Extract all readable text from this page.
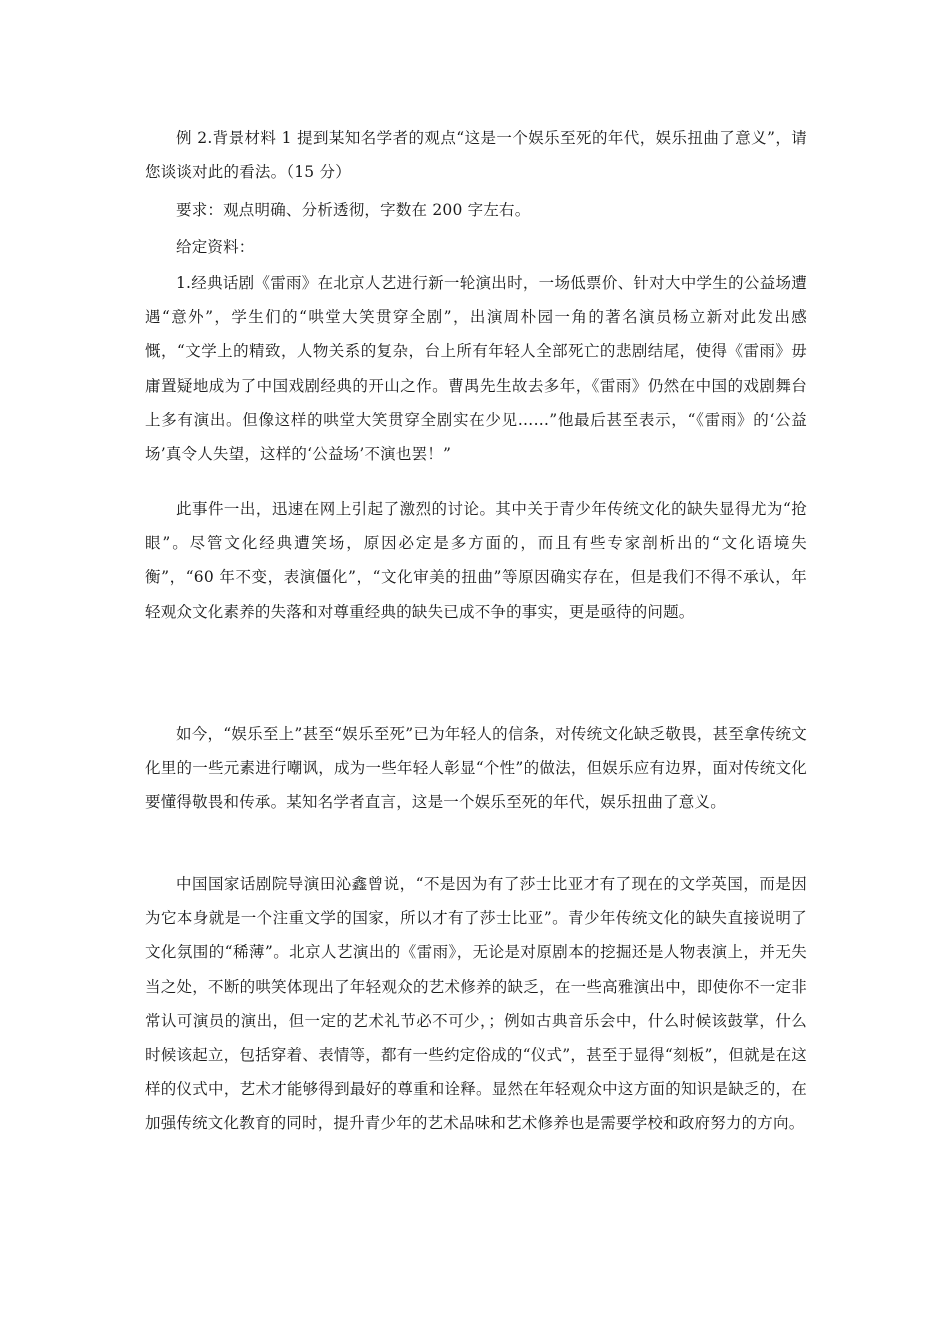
例 2.背景材料 1 提到某知名学者的观点“这是一个娱乐至死的年代，娱乐扭曲了意义”，请您谈谈对此的看法。（15 分）

要求：观点明确、分析透彻，字数在 200 字左右。

给定资料：

1.经典话剧《雷雨》在北京人艺进行新一轮演出时，一场低票价、针对大中学生的公益场遭遇“意外”，学生们的“哄堂大笑贯穿全剧”，出演周朴园一角的著名演员杨立新对此发出感慨，“文学上的精致，人物关系的复杂，台上所有年轻人全部死亡的悲剧结尾，使得《雷雨》毋庸置疑地成为了中国戏剧经典的开山之作。曹禺先生故去多年，《雷雨》仍然在中国的戏剧舞台上多有演出。但像这样的哄堂大笑贯穿全剧实在少见……”他最后甚至表示，“《雷雨》的‘公益场’真令人失望，这样的‘公益场’不演也罢！”

此事件一出，迅速在网上引起了激烈的讨论。其中关于青少年传统文化的缺失显得尤为“抢眼”。尽管文化经典遭笑场，原因必定是多方面的，而且有些专家剖析出的“文化语境失衡”，“60 年不变，表演僵化”，“文化审美的扭曲”等原因确实存在，但是我们不得不承认，年轻观众文化素养的失落和对尊重经典的缺失已成不争的事实，更是亟待的问题。

如今，“娱乐至上”甚至“娱乐至死”已为年轻人的信条，对传统文化缺乏敬畏，甚至拿传统文化里的一些元素进行嘲讽，成为一些年轻人彰显“个性”的做法，但娱乐应有边界，面对传统文化要懂得敬畏和传承。某知名学者直言，这是一个娱乐至死的年代，娱乐扭曲了意义。

中国国家话剧院导演田沁鑫曾说，“不是因为有了莎士比亚才有了现在的文学英国，而是因为它本身就是一个注重文学的国家，所以才有了莎士比亚”。青少年传统文化的缺失直接说明了文化氛围的“稀薄”。北京人艺演出的《雷雨》，无论是对原剧本的挖掘还是人物表演上，并无失当之处，不断的哄笑体现出了年轻观众的艺术修养的缺乏，在一些高雅演出中，即使你不一定非常认可演员的演出，但一定的艺术礼节必不可少，；例如古典音乐会中，什么时候该鼓掌，什么时候该起立，包括穿着、表情等，都有一些约定俗成的“仪式”，甚至于显得“刻板”，但就是在这样的仪式中，艺术才能够得到最好的尊重和诠释。显然在年轻观众中这方面的知识是缺乏的，在加强传统文化教育的同时，提升青少年的艺术品味和艺术修养也是需要学校和政府努力的方向。
